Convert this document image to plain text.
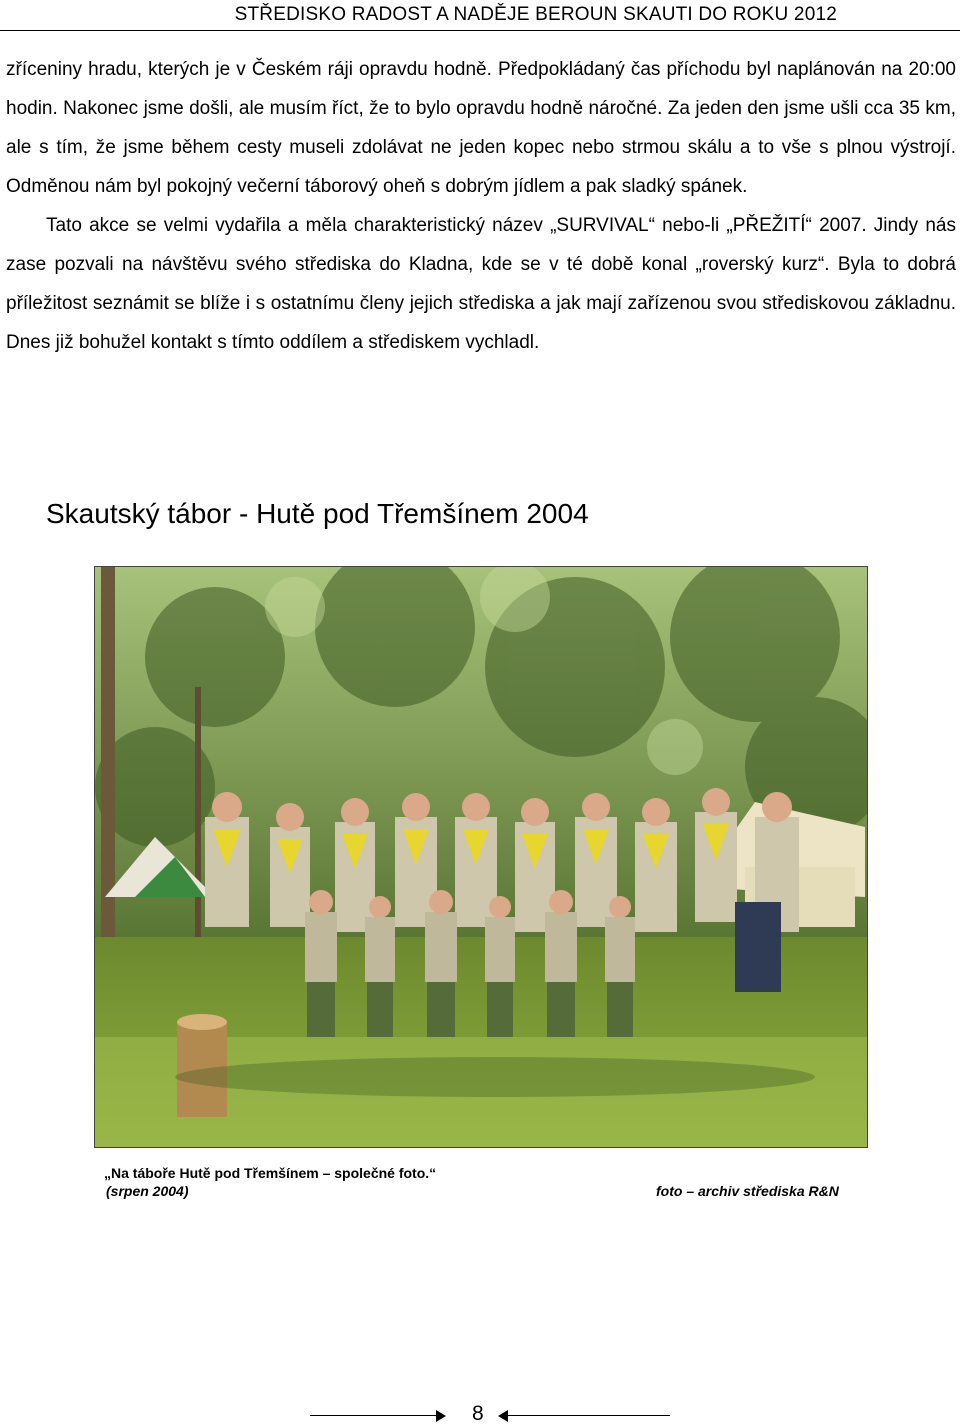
STŘEDISKO RADOST A NADĚJE BEROUN SKAUTI DO ROKU 2012

zříceniny hradu, kterých je v Českém ráji opravdu hodně. Předpokládaný čas příchodu byl naplánován na 20:00 hodin. Nakonec jsme došli, ale musím říct, že to bylo opravdu hodně náročné. Za jeden den jsme ušli cca 35 km, ale s tím, že jsme během cesty museli zdolávat ne jeden kopec nebo strmou skálu a to vše s plnou výstrojí. Odměnou nám byl pokojný večerní táborový oheň s dobrým jídlem a pak sladký spánek.

Tato akce se velmi vydařila a měla charakteristický název „SURVIVAL“ nebo-li „PŘEŽITÍ“ 2007. Jindy nás zase pozvali na návštěvu svého střediska do Kladna, kde se v té době konal „roverský kurz“. Byla to dobrá příležitost seznámit se blíže i s ostatnímu členy jejich střediska a jak mají zařízenou svou střediskovou základnu. Dnes již bohužel kontakt s tímto oddílem a střediskem vychladl.

Skautský tábor - Hutě pod Třemšínem 2004
„Na táboře Hutě pod Třemšínem – společné foto.“
(srpen 2004)	foto – archiv střediska R&N
8
